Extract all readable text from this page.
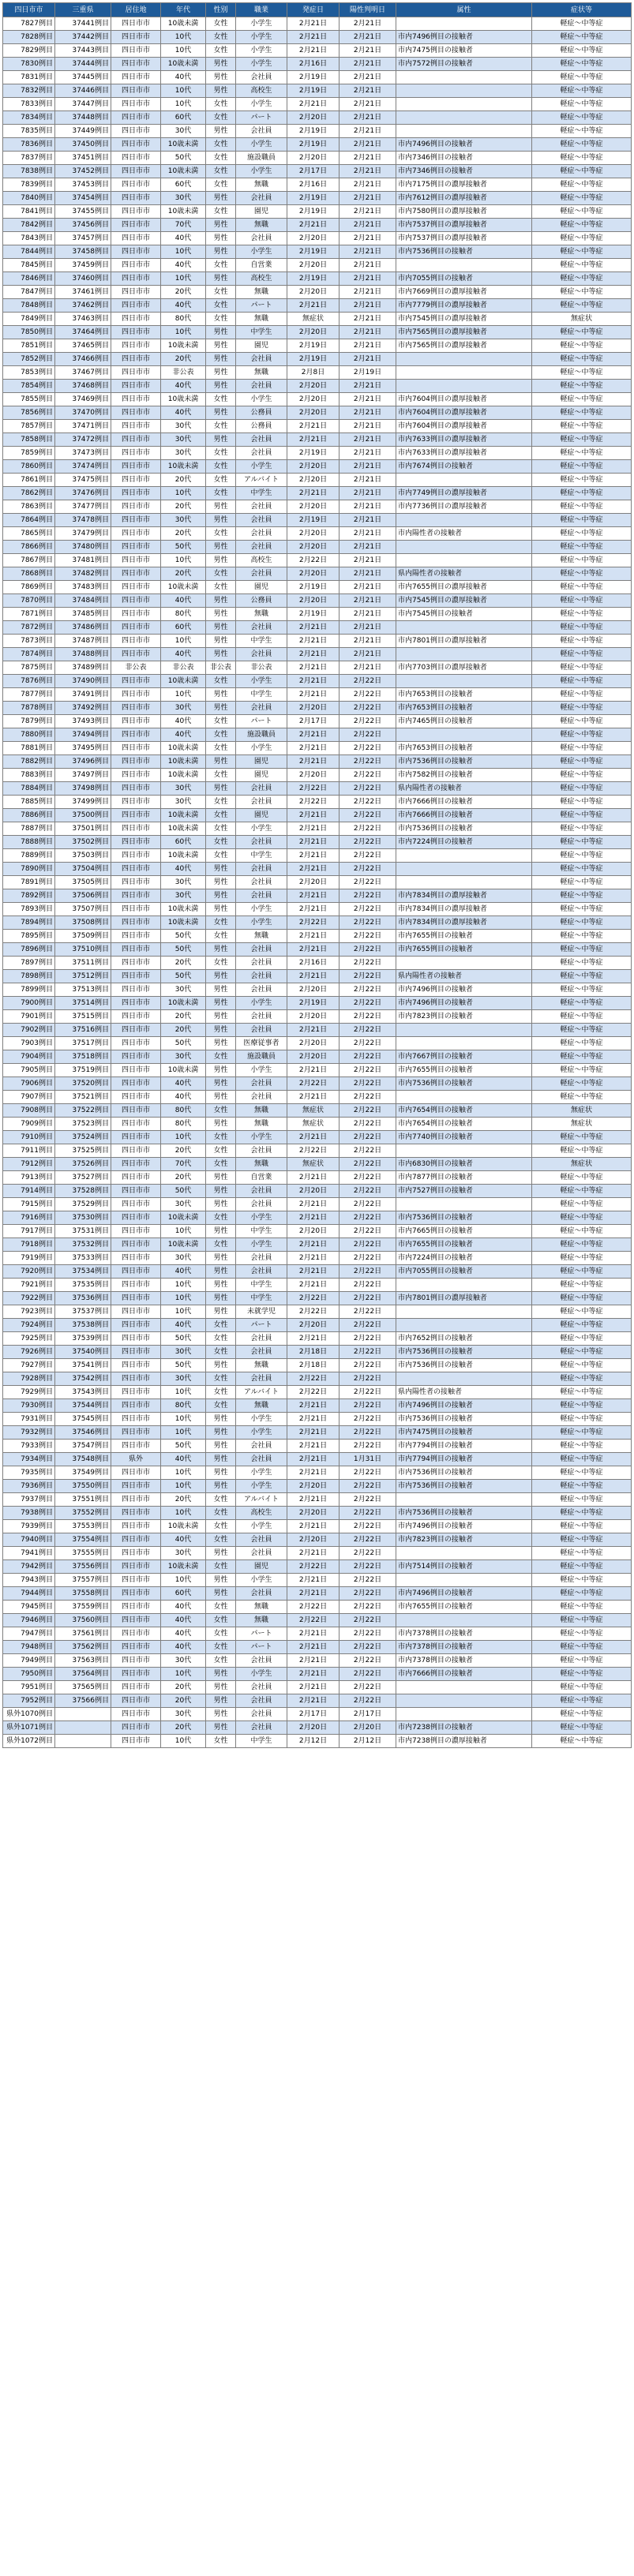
四日市市	三重県	居住地	年代	性別	職業	発症日	陽性判明日	属性	症状等
7827例目	37441例目	四日市市	10歳未満	女性	小学生	2月21日	2月21日		軽症～中等症
7828例目	37442例目	四日市市	10代	女性	小学生	2月21日	2月21日	市内7496例目の接触者	軽症～中等症
7829例目	37443例目	四日市市	10代	女性	小学生	2月21日	2月21日	市内7475例目の接触者	軽症～中等症
7830例目	37444例目	四日市市	10歳未満	男性	小学生	2月16日	2月21日	市内7572例目の接触者	軽症～中等症
7831例目	37445例目	四日市市	40代	男性	会社員	2月19日	2月21日		軽症～中等症
7832例目	37446例目	四日市市	10代	男性	高校生	2月19日	2月21日		軽症～中等症
7833例目	37447例目	四日市市	10代	女性	小学生	2月21日	2月21日		軽症～中等症
7834例目	37448例目	四日市市	60代	女性	パート	2月20日	2月21日		軽症～中等症
7835例目	37449例目	四日市市	30代	男性	会社員	2月19日	2月21日		軽症～中等症
7836例目	37450例目	四日市市	10歳未満	女性	小学生	2月19日	2月21日	市内7496例目の接触者	軽症～中等症
7837例目	37451例目	四日市市	50代	女性	施設職員	2月20日	2月21日	市内7346例目の接触者	軽症～中等症
7838例目	37452例目	四日市市	10歳未満	女性	小学生	2月17日	2月21日	市内7346例目の接触者	軽症～中等症
7839例目	37453例目	四日市市	60代	女性	無職	2月16日	2月21日	市内7175例目の濃厚接触者	軽症～中等症
7840例目	37454例目	四日市市	30代	男性	会社員	2月19日	2月21日	市内7612例目の濃厚接触者	軽症～中等症
7841例目	37455例目	四日市市	10歳未満	女性	園児	2月19日	2月21日	市内7580例目の濃厚接触者	軽症～中等症
7842例目	37456例目	四日市市	70代	男性	無職	2月21日	2月21日	市内7537例目の濃厚接触者	軽症～中等症
7843例目	37457例目	四日市市	40代	男性	会社員	2月20日	2月21日	市内7537例目の濃厚接触者	軽症～中等症
7844例目	37458例目	四日市市	10代	男性	小学生	2月19日	2月21日	市内7536例目の接触者	軽症～中等症
7845例目	37459例目	四日市市	40代	女性	自営業	2月20日	2月21日		軽症～中等症
7846例目	37460例目	四日市市	10代	男性	高校生	2月19日	2月21日	市内7055例目の接触者	軽症～中等症
7847例目	37461例目	四日市市	20代	女性	無職	2月20日	2月21日	市内7669例目の濃厚接触者	軽症～中等症
7848例目	37462例目	四日市市	40代	女性	パート	2月21日	2月21日	市内7779例目の濃厚接触者	軽症～中等症
7849例目	37463例目	四日市市	80代	女性	無職	無症状	2月21日	市内7545例目の濃厚接触者	無症状
7850例目	37464例目	四日市市	10代	男性	中学生	2月20日	2月21日	市内7565例目の濃厚接触者	軽症～中等症
7851例目	37465例目	四日市市	10歳未満	男性	園児	2月19日	2月21日	市内7565例目の濃厚接触者	軽症～中等症
7852例目	37466例目	四日市市	20代	男性	会社員	2月19日	2月21日		軽症～中等症
7853例目	37467例目	四日市市	非公表	男性	無職	2月8日	2月19日		軽症～中等症
7854例目	37468例目	四日市市	40代	男性	会社員	2月20日	2月21日		軽症～中等症
7855例目	37469例目	四日市市	10歳未満	女性	小学生	2月20日	2月21日	市内7604例目の濃厚接触者	軽症～中等症
7856例目	37470例目	四日市市	40代	男性	公務員	2月20日	2月21日	市内7604例目の濃厚接触者	軽症～中等症
7857例目	37471例目	四日市市	30代	女性	公務員	2月21日	2月21日	市内7604例目の濃厚接触者	軽症～中等症
7858例目	37472例目	四日市市	30代	男性	会社員	2月21日	2月21日	市内7633例目の濃厚接触者	軽症～中等症
7859例目	37473例目	四日市市	30代	女性	会社員	2月19日	2月21日	市内7633例目の濃厚接触者	軽症～中等症
7860例目	37474例目	四日市市	10歳未満	女性	小学生	2月20日	2月21日	市内7674例目の接触者	軽症～中等症
7861例目	37475例目	四日市市	20代	女性	アルバイト	2月20日	2月21日		軽症～中等症
7862例目	37476例目	四日市市	10代	女性	中学生	2月21日	2月21日	市内7749例目の濃厚接触者	軽症～中等症
7863例目	37477例目	四日市市	20代	男性	会社員	2月20日	2月21日	市内7736例目の濃厚接触者	軽症～中等症
7864例目	37478例目	四日市市	30代	男性	会社員	2月19日	2月21日		軽症～中等症
7865例目	37479例目	四日市市	20代	女性	会社員	2月20日	2月21日	市内陽性者の接触者	軽症～中等症
7866例目	37480例目	四日市市	50代	男性	会社員	2月20日	2月21日		軽症～中等症
7867例目	37481例目	四日市市	10代	男性	高校生	2月22日	2月21日		軽症～中等症
7868例目	37482例目	四日市市	20代	女性	会社員	2月20日	2月21日	県内陽性者の接触者	軽症～中等症
7869例目	37483例目	四日市市	10歳未満	女性	園児	2月19日	2月21日	市内7655例目の濃厚接触者	軽症～中等症
7870例目	37484例目	四日市市	40代	男性	公務員	2月20日	2月21日	市内7545例目の濃厚接触者	軽症～中等症
7871例目	37485例目	四日市市	80代	男性	無職	2月19日	2月21日	市内7545例目の接触者	軽症～中等症
7872例目	37486例目	四日市市	60代	男性	会社員	2月21日	2月21日		軽症～中等症
7873例目	37487例目	四日市市	10代	男性	中学生	2月21日	2月21日	市内7801例目の濃厚接触者	軽症～中等症
7874例目	37488例目	四日市市	40代	男性	会社員	2月21日	2月21日		軽症～中等症
7875例目	37489例目	非公表	非公表	非公表	非公表	2月21日	2月21日	市内7703例目の濃厚接触者	軽症～中等症
7876例目	37490例目	四日市市	10歳未満	女性	小学生	2月21日	2月22日		軽症～中等症
7877例目	37491例目	四日市市	10代	男性	中学生	2月21日	2月22日	市内7653例目の接触者	軽症～中等症
7878例目	37492例目	四日市市	30代	男性	会社員	2月20日	2月22日	市内7653例目の接触者	軽症～中等症
7879例目	37493例目	四日市市	40代	女性	パート	2月17日	2月22日	市内7465例目の接触者	軽症～中等症
7880例目	37494例目	四日市市	40代	女性	施設職員	2月21日	2月22日		軽症～中等症
7881例目	37495例目	四日市市	10歳未満	女性	小学生	2月21日	2月22日	市内7653例目の接触者	軽症～中等症
7882例目	37496例目	四日市市	10歳未満	男性	園児	2月21日	2月22日	市内7536例目の接触者	軽症～中等症
7883例目	37497例目	四日市市	10歳未満	女性	園児	2月20日	2月22日	市内7582例目の接触者	軽症～中等症
7884例目	37498例目	四日市市	30代	男性	会社員	2月22日	2月22日	県内陽性者の接触者	軽症～中等症
7885例目	37499例目	四日市市	30代	女性	会社員	2月22日	2月22日	市内7666例目の接触者	軽症～中等症
7886例目	37500例目	四日市市	10歳未満	女性	園児	2月21日	2月22日	市内7666例目の接触者	軽症～中等症
7887例目	37501例目	四日市市	10歳未満	女性	小学生	2月21日	2月22日	市内7536例目の接触者	軽症～中等症
7888例目	37502例目	四日市市	60代	女性	会社員	2月21日	2月22日	市内7224例目の接触者	軽症～中等症
7889例目	37503例目	四日市市	10歳未満	女性	中学生	2月21日	2月22日		軽症～中等症
7890例目	37504例目	四日市市	40代	男性	会社員	2月21日	2月22日		軽症～中等症
7891例目	37505例目	四日市市	30代	男性	会社員	2月20日	2月22日		軽症～中等症
7892例目	37506例目	四日市市	30代	男性	会社員	2月21日	2月22日	市内7834例目の濃厚接触者	軽症～中等症
7893例目	37507例目	四日市市	10歳未満	男性	小学生	2月21日	2月22日	市内7834例目の濃厚接触者	軽症～中等症
7894例目	37508例目	四日市市	10歳未満	女性	小学生	2月22日	2月22日	市内7834例目の濃厚接触者	軽症～中等症
7895例目	37509例目	四日市市	50代	女性	無職	2月21日	2月22日	市内7655例目の接触者	軽症～中等症
7896例目	37510例目	四日市市	50代	男性	会社員	2月21日	2月22日	市内7655例目の接触者	軽症～中等症
7897例目	37511例目	四日市市	20代	女性	会社員	2月16日	2月22日		軽症～中等症
7898例目	37512例目	四日市市	50代	男性	会社員	2月21日	2月22日	県内陽性者の接触者	軽症～中等症
7899例目	37513例目	四日市市	30代	男性	会社員	2月20日	2月22日	市内7496例目の接触者	軽症～中等症
7900例目	37514例目	四日市市	10歳未満	男性	小学生	2月19日	2月22日	市内7496例目の接触者	軽症～中等症
7901例目	37515例目	四日市市	20代	男性	会社員	2月20日	2月22日	市内7823例目の接触者	軽症～中等症
7902例目	37516例目	四日市市	20代	男性	会社員	2月21日	2月22日		軽症～中等症
7903例目	37517例目	四日市市	50代	男性	医療従事者	2月20日	2月22日		軽症～中等症
7904例目	37518例目	四日市市	30代	女性	施設職員	2月20日	2月22日	市内7667例目の接触者	軽症～中等症
7905例目	37519例目	四日市市	10歳未満	男性	小学生	2月21日	2月22日	市内7655例目の接触者	軽症～中等症
7906例目	37520例目	四日市市	40代	男性	会社員	2月22日	2月22日	市内7536例目の接触者	軽症～中等症
7907例目	37521例目	四日市市	40代	男性	会社員	2月21日	2月22日		軽症～中等症
7908例目	37522例目	四日市市	80代	女性	無職	無症状	2月22日	市内7654例目の接触者	無症状
7909例目	37523例目	四日市市	80代	男性	無職	無症状	2月22日	市内7654例目の接触者	無症状
7910例目	37524例目	四日市市	10代	女性	小学生	2月21日	2月22日	市内7740例目の接触者	軽症～中等症
7911例目	37525例目	四日市市	20代	女性	会社員	2月22日	2月22日		軽症～中等症
7912例目	37526例目	四日市市	70代	女性	無職	無症状	2月22日	市内6830例目の接触者	無症状
7913例目	37527例目	四日市市	20代	男性	自営業	2月21日	2月22日	市内7877例目の接触者	軽症～中等症
7914例目	37528例目	四日市市	50代	男性	会社員	2月20日	2月22日	市内7527例目の接触者	軽症～中等症
7915例目	37529例目	四日市市	30代	男性	会社員	2月21日	2月22日		軽症～中等症
7916例目	37530例目	四日市市	10歳未満	女性	小学生	2月21日	2月22日	市内7536例目の接触者	軽症～中等症
7917例目	37531例目	四日市市	10代	男性	中学生	2月20日	2月22日	市内7665例目の接触者	軽症～中等症
7918例目	37532例目	四日市市	10歳未満	女性	小学生	2月21日	2月22日	市内7655例目の接触者	軽症～中等症
7919例目	37533例目	四日市市	30代	男性	会社員	2月21日	2月22日	市内7224例目の接触者	軽症～中等症
7920例目	37534例目	四日市市	40代	男性	会社員	2月21日	2月22日	市内7055例目の接触者	軽症～中等症
7921例目	37535例目	四日市市	10代	男性	中学生	2月21日	2月22日		軽症～中等症
7922例目	37536例目	四日市市	10代	男性	中学生	2月22日	2月22日	市内7801例目の濃厚接触者	軽症～中等症
7923例目	37537例目	四日市市	10代	男性	未就学児	2月22日	2月22日		軽症～中等症
7924例目	37538例目	四日市市	40代	女性	パート	2月20日	2月22日		軽症～中等症
7925例目	37539例目	四日市市	50代	女性	会社員	2月21日	2月22日	市内7652例目の接触者	軽症～中等症
7926例目	37540例目	四日市市	30代	女性	会社員	2月18日	2月22日	市内7536例目の接触者	軽症～中等症
7927例目	37541例目	四日市市	50代	男性	無職	2月18日	2月22日	市内7536例目の接触者	軽症～中等症
7928例目	37542例目	四日市市	30代	女性	会社員	2月22日	2月22日		軽症～中等症
7929例目	37543例目	四日市市	10代	女性	アルバイト	2月22日	2月22日	県内陽性者の接触者	軽症～中等症
7930例目	37544例目	四日市市	80代	女性	無職	2月21日	2月22日	市内7496例目の接触者	軽症～中等症
7931例目	37545例目	四日市市	10代	男性	小学生	2月21日	2月22日	市内7536例目の接触者	軽症～中等症
7932例目	37546例目	四日市市	10代	男性	小学生	2月21日	2月22日	市内7475例目の接触者	軽症～中等症
7933例目	37547例目	四日市市	50代	男性	会社員	2月21日	2月22日	市内7794例目の接触者	軽症～中等症
7934例目	37548例目	県外	40代	男性	会社員	2月21日	1月31日	市内7794例目の接触者	軽症～中等症
7935例目	37549例目	四日市市	10代	男性	小学生	2月21日	2月22日	市内7536例目の接触者	軽症～中等症
7936例目	37550例目	四日市市	10代	男性	小学生	2月20日	2月22日	市内7536例目の接触者	軽症～中等症
7937例目	37551例目	四日市市	20代	女性	アルバイト	2月21日	2月22日		軽症～中等症
7938例目	37552例目	四日市市	10代	女性	高校生	2月20日	2月22日	市内7536例目の接触者	軽症～中等症
7939例目	37553例目	四日市市	10歳未満	女性	小学生	2月21日	2月22日	市内7496例目の接触者	軽症～中等症
7940例目	37554例目	四日市市	40代	女性	会社員	2月20日	2月22日	市内7823例目の接触者	軽症～中等症
7941例目	37555例目	四日市市	30代	男性	会社員	2月21日	2月22日		軽症～中等症
7942例目	37556例目	四日市市	10歳未満	女性	園児	2月22日	2月22日	市内7514例目の接触者	軽症～中等症
7943例目	37557例目	四日市市	10代	男性	小学生	2月21日	2月22日		軽症～中等症
7944例目	37558例目	四日市市	60代	男性	会社員	2月21日	2月22日	市内7496例目の接触者	軽症～中等症
7945例目	37559例目	四日市市	40代	女性	無職	2月22日	2月22日	市内7655例目の接触者	軽症～中等症
7946例目	37560例目	四日市市	40代	女性	無職	2月22日	2月22日		軽症～中等症
7947例目	37561例目	四日市市	40代	女性	パート	2月21日	2月22日	市内7378例目の接触者	軽症～中等症
7948例目	37562例目	四日市市	40代	女性	パート	2月21日	2月22日	市内7378例目の接触者	軽症～中等症
7949例目	37563例目	四日市市	30代	女性	会社員	2月21日	2月22日	市内7378例目の接触者	軽症～中等症
7950例目	37564例目	四日市市	10代	男性	小学生	2月21日	2月22日	市内7666例目の接触者	軽症～中等症
7951例目	37565例目	四日市市	20代	男性	会社員	2月21日	2月22日		軽症～中等症
7952例目	37566例目	四日市市	20代	男性	会社員	2月21日	2月22日		軽症～中等症
県外1070例目		四日市市	30代	男性	会社員	2月17日	2月17日		軽症～中等症
県外1071例目		四日市市	20代	男性	会社員	2月20日	2月20日	市内7238例目の接触者	軽症～中等症
県外1072例目		四日市市	10代	女性	中学生	2月12日	2月12日	市内7238例目の濃厚接触者	軽症～中等症
